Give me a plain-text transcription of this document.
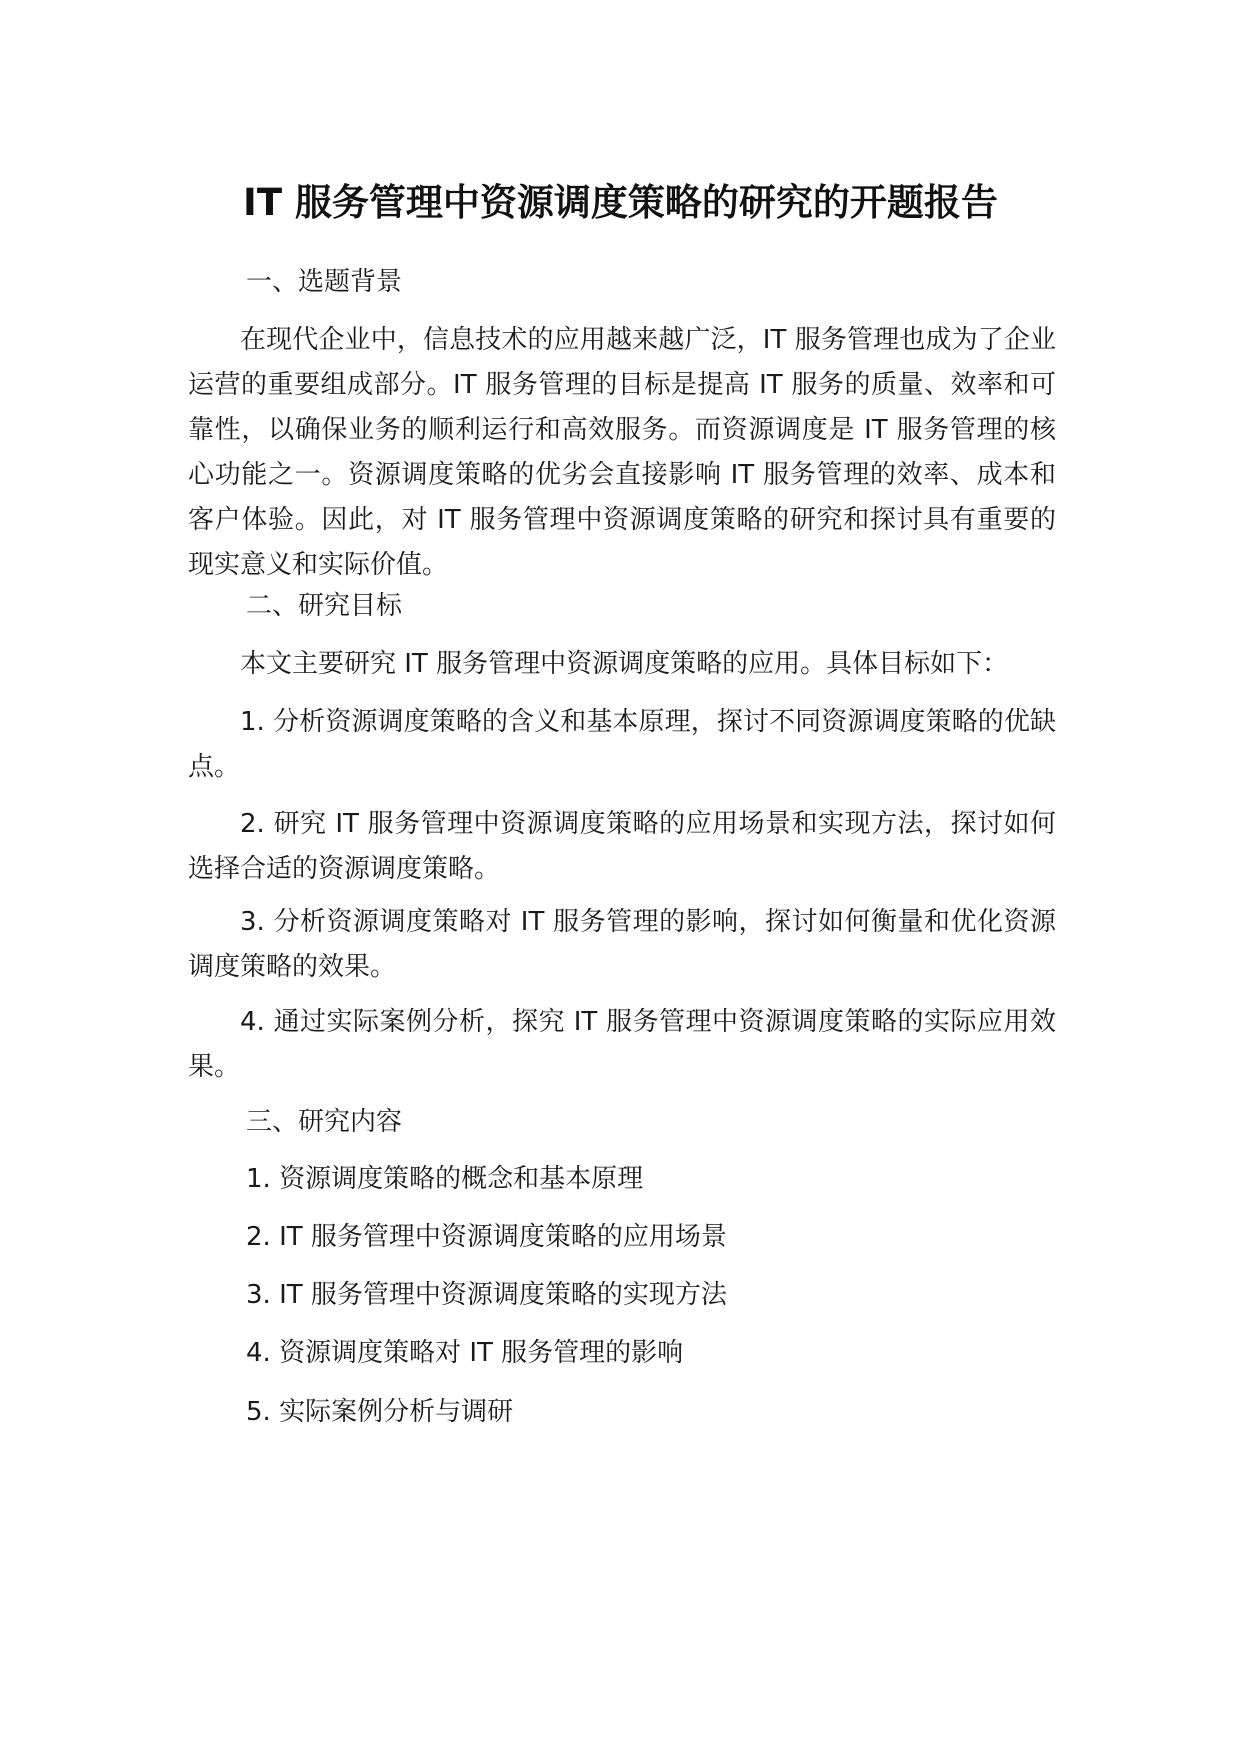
IT 服务管理中资源调度策略的研究的开题报告

一、选题背景

在现代企业中，信息技术的应用越来越广泛，IT 服务管理也成为了企业运营的重要组成部分。IT 服务管理的目标是提高 IT 服务的质量、效率和可靠性，以确保业务的顺利运行和高效服务。而资源调度是 IT 服务管理的核心功能之一。资源调度策略的优劣会直接影响 IT 服务管理的效率、成本和客户体验。因此，对 IT 服务管理中资源调度策略的研究和探讨具有重要的现实意义和实际价值。

二、研究目标

本文主要研究 IT 服务管理中资源调度策略的应用。具体目标如下：

1. 分析资源调度策略的含义和基本原理，探讨不同资源调度策略的优缺点。

2. 研究 IT 服务管理中资源调度策略的应用场景和实现方法，探讨如何选择合适的资源调度策略。

3. 分析资源调度策略对 IT 服务管理的影响，探讨如何衡量和优化资源调度策略的效果。

4. 通过实际案例分析，探究 IT 服务管理中资源调度策略的实际应用效果。

三、研究内容

1. 资源调度策略的概念和基本原理

2. IT 服务管理中资源调度策略的应用场景

3. IT 服务管理中资源调度策略的实现方法

4. 资源调度策略对 IT 服务管理的影响

5. 实际案例分析与调研
